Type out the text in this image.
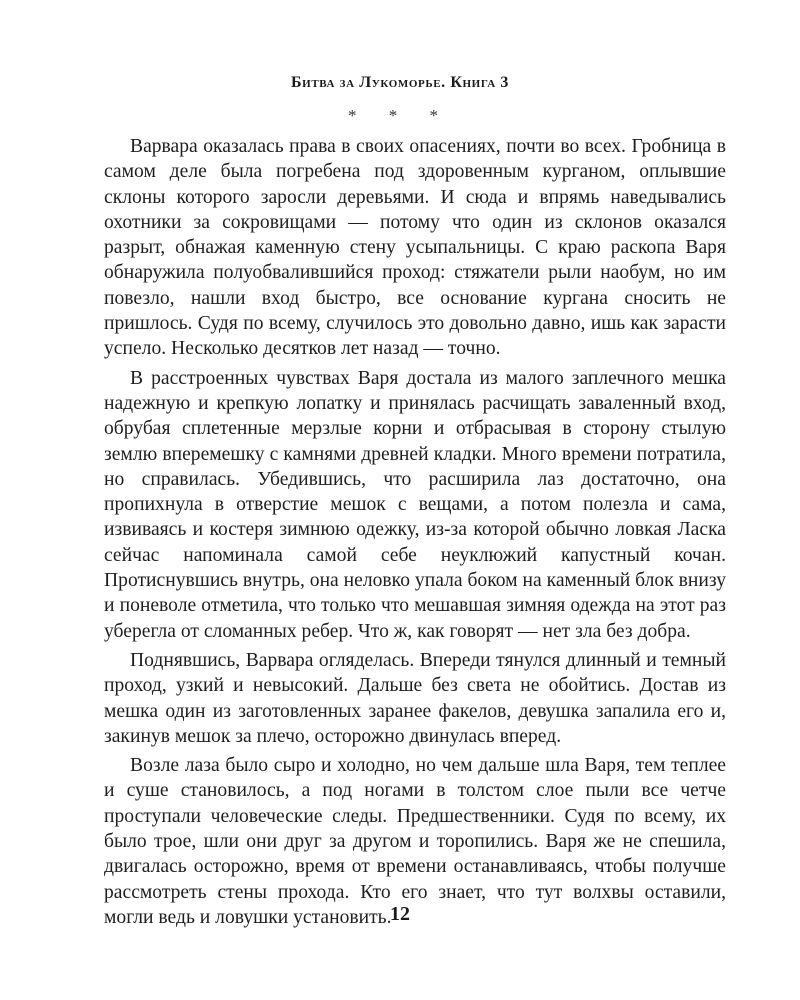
Битва за Лукоморье. Книга 3
* * *

Варвара оказалась права в своих опасениях, почти во всех. Гробница в самом деле была погребена под здоровенным курганом, оплывшие склоны которого заросли деревьями. И сюда и впрямь наведывались охотники за сокровищами — потому что один из склонов оказался разрыт, обнажая каменную стену усыпальницы. С краю раскопа Варя обнаружила полуобвалившийся проход: стяжатели рыли наобум, но им повезло, нашли вход быстро, все основание кургана сносить не пришлось. Судя по всему, случилось это довольно давно, ишь как зарасти успело. Несколько десятков лет назад — точно.

В расстроенных чувствах Варя достала из малого заплечного мешка надежную и крепкую лопатку и принялась расчищать заваленный вход, обрубая сплетенные мерзлые корни и отбрасывая в сторону стылую землю вперемешку с камнями древней кладки. Много времени потратила, но справилась. Убедившись, что расширила лаз достаточно, она пропихнула в отверстие мешок с вещами, а потом полезла и сама, извиваясь и костеря зимнюю одежку, из-за которой обычно ловкая Ласка сейчас напоминала самой себе неуклюжий капустный кочан. Протиснувшись внутрь, она неловко упала боком на каменный блок внизу и поневоле отметила, что только что мешавшая зимняя одежда на этот раз уберегла от сломанных ребер. Что ж, как говорят — нет зла без добра.

Поднявшись, Варвара огляделась. Впереди тянулся длинный и темный проход, узкий и невысокий. Дальше без света не обойтись. Достав из мешка один из заготовленных заранее факелов, девушка запалила его и, закинув мешок за плечо, осторожно двинулась вперед.

Возле лаза было сыро и холодно, но чем дальше шла Варя, тем теплее и суше становилось, а под ногами в толстом слое пыли все четче проступали человеческие следы. Предшественники. Судя по всему, их было трое, шли они друг за другом и торопились. Варя же не спешила, двигалась осторожно, время от времени останавливаясь, чтобы получше рассмотреть стены прохода. Кто его знает, что тут волхвы оставили, могли ведь и ловушки установить.

12
